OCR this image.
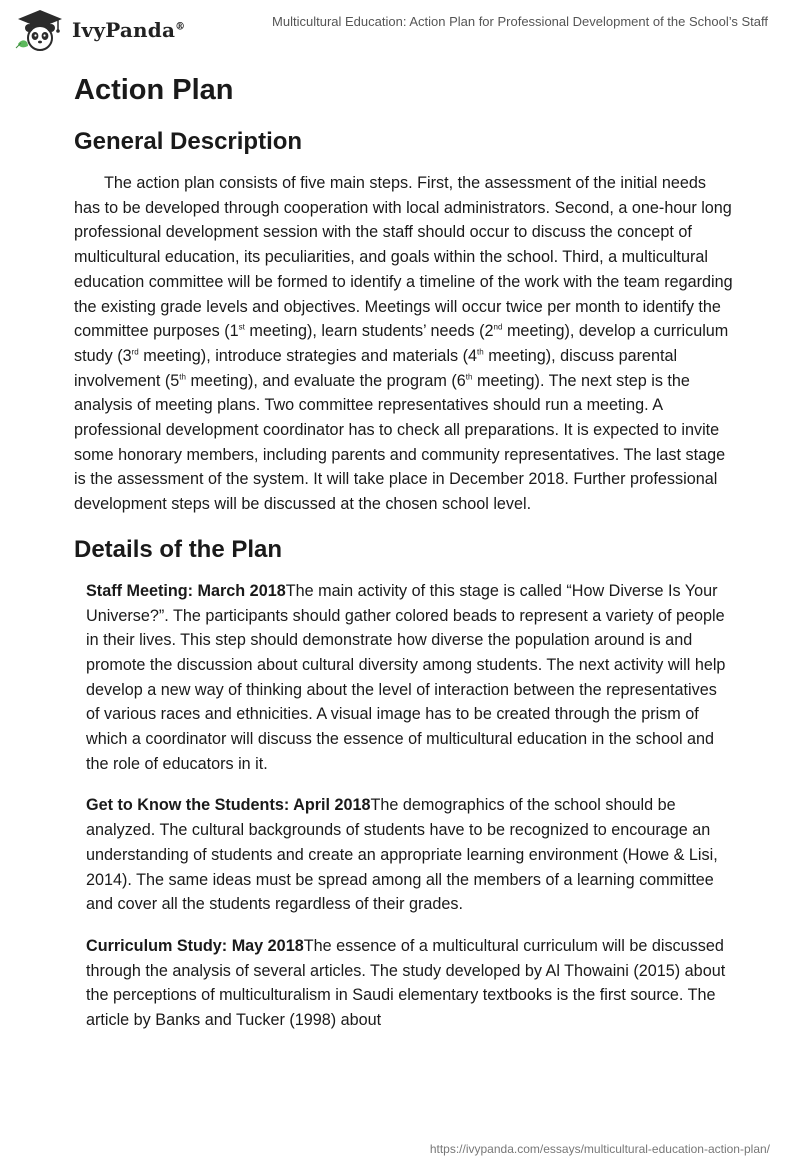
IvyPanda®	Multicultural Education: Action Plan for Professional Development of the School’s Staff
Action Plan
General Description

The action plan consists of five main steps. First, the assessment of the initial needs has to be developed through cooperation with local administrators. Second, a one-hour long professional development session with the staff should occur to discuss the concept of multicultural education, its peculiarities, and goals within the school. Third, a multicultural education committee will be formed to identify a timeline of the work with the team regarding the existing grade levels and objectives. Meetings will occur twice per month to identify the committee purposes (1st meeting), learn students’ needs (2nd meeting), develop a curriculum study (3rd meeting), introduce strategies and materials (4th meeting), discuss parental involvement (5th meeting), and evaluate the program (6th meeting). The next step is the analysis of meeting plans. Two committee representatives should run a meeting. A professional development coordinator has to check all preparations. It is expected to invite some honorary members, including parents and community representatives. The last stage is the assessment of the system. It will take place in December 2018. Further professional development steps will be discussed at the chosen school level.

Details of the Plan

Staff Meeting: March 2018The main activity of this stage is called “How Diverse Is Your Universe?”. The participants should gather colored beads to represent a variety of people in their lives. This step should demonstrate how diverse the population around is and promote the discussion about cultural diversity among students. The next activity will help develop a new way of thinking about the level of interaction between the representatives of various races and ethnicities. A visual image has to be created through the prism of which a coordinator will discuss the essence of multicultural education in the school and the role of educators in it.

Get to Know the Students: April 2018The demographics of the school should be analyzed. The cultural backgrounds of students have to be recognized to encourage an understanding of students and create an appropriate learning environment (Howe & Lisi, 2014). The same ideas must be spread among all the members of a learning committee and cover all the students regardless of their grades.

Curriculum Study: May 2018The essence of a multicultural curriculum will be discussed through the analysis of several articles. The study developed by Al Thowaini (2015) about the perceptions of multiculturalism in Saudi elementary textbooks is the first source. The article by Banks and Tucker (1998) about

https://ivypanda.com/essays/multicultural-education-action-plan/
